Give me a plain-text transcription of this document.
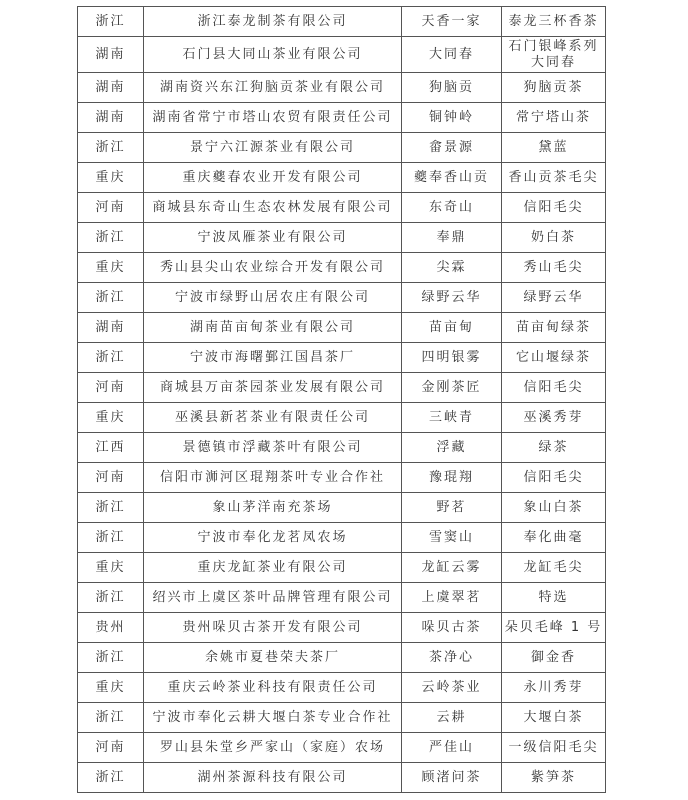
浙江	浙江泰龙制茶有限公司	天香一家	泰龙三杯香茶
湖南	石门县大同山茶业有限公司	大同春	石门银峰系列大同春
湖南	湖南资兴东江狗脑贡茶业有限公司	狗脑贡	狗脑贡茶
湖南	湖南省常宁市塔山农贸有限责任公司	铜钟岭	常宁塔山茶
浙江	景宁六江源茶业有限公司	畲景源	黛蓝
重庆	重庆夔春农业开发有限公司	夔奉香山贡	香山贡茶毛尖
河南	商城县东奇山生态农林发展有限公司	东奇山	信阳毛尖
浙江	宁波凤雁茶业有限公司	奉鼎	奶白茶
重庆	秀山县尖山农业综合开发有限公司	尖霖	秀山毛尖
浙江	宁波市绿野山居农庄有限公司	绿野云华	绿野云华
湖南	湖南苗亩甸茶业有限公司	苗亩甸	苗亩甸绿茶
浙江	宁波市海曙鄞江国昌茶厂	四明银雾	它山堰绿茶
河南	商城县万亩茶园茶业发展有限公司	金刚茶匠	信阳毛尖
重庆	巫溪县新茗茶业有限责任公司	三峡青	巫溪秀芽
江西	景德镇市浮藏茶叶有限公司	浮藏	绿茶
河南	信阳市浉河区琨翔茶叶专业合作社	豫琨翔	信阳毛尖
浙江	象山茅洋南充茶场	野茗	象山白茶
浙江	宁波市奉化龙茗凤农场	雪窦山	奉化曲毫
重庆	重庆龙缸茶业有限公司	龙缸云雾	龙缸毛尖
浙江	绍兴市上虞区茶叶品牌管理有限公司	上虞翠茗	特选
贵州	贵州哚贝古茶开发有限公司	哚贝古茶	朵贝毛峰 1 号
浙江	余姚市夏巷荣夫茶厂	茶净心	御金香
重庆	重庆云岭茶业科技有限责任公司	云岭茶业	永川秀芽
浙江	宁波市奉化云耕大堰白茶专业合作社	云耕	大堰白茶
河南	罗山县朱堂乡严家山（家庭）农场	严佳山	一级信阳毛尖
浙江	湖州茶源科技有限公司	顾渚问茶	紫笋茶
